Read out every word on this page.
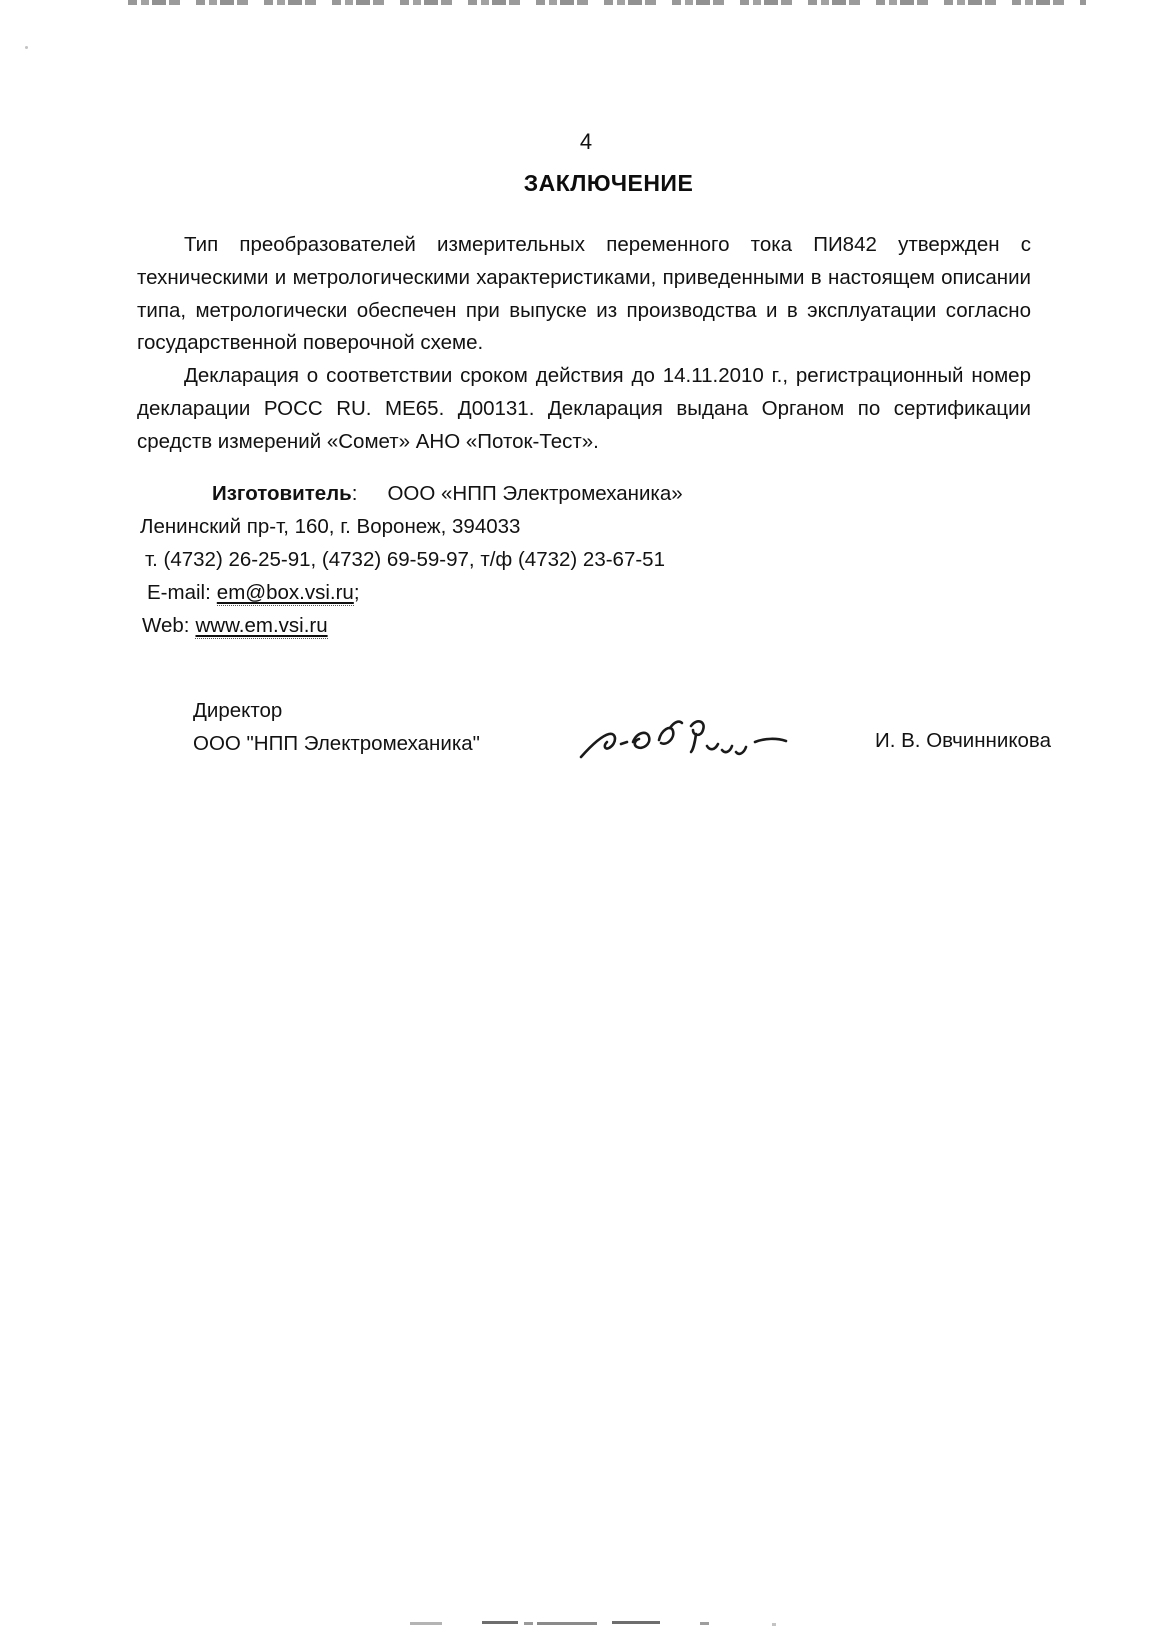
4
ЗАКЛЮЧЕНИЕ

Тип преобразователей измерительных переменного тока ПИ842 утвержден с техническими и метрологическими характеристиками, приведенными в настоящем описании типа, метрологически обеспечен при выпуске из производства и в эксплуатации согласно государственной поверочной схеме.

Декларация о соответствии сроком действия до 14.11.2010 г., регистрационный номер декларации РОСС RU. МЕ65. Д00131. Декларация выдана Органом по сертификации средств измерений «Сомет» АНО «Поток-Тест».

Изготовитель: ООО «НПП Электромеханика»
Ленинский пр-т, 160, г. Воронеж, 394033
т. (4732) 26-25-91, (4732) 69-59-97, т/ф (4732) 23-67-51
E-mail: em@box.vsi.ru;
Web: www.em.vsi.ru
Директор
ООО "НПП Электромеханика"	И. В. Овчинникова
